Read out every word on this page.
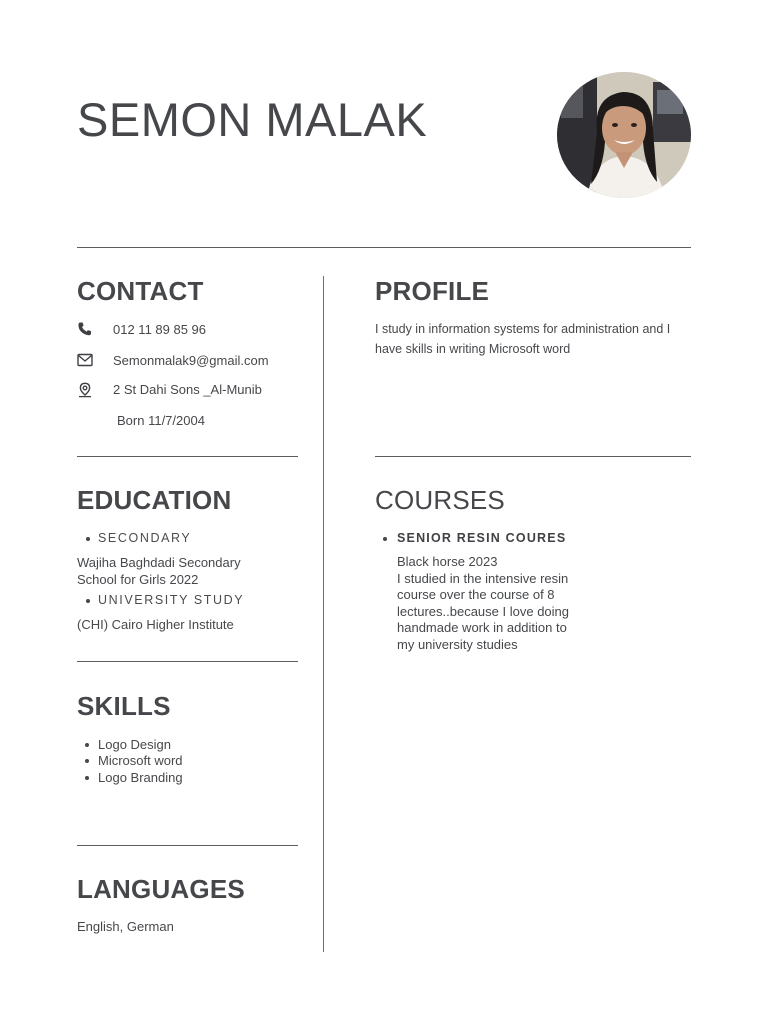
SEMON MALAK
CONTACT
012 11 89 85 96
Semonmalak9@gmail.com
2 St Dahi Sons _Al-Munib
Born 11/7/2004
PROFILE
I study in information systems for administration and I
have skills in writing Microsoft word
EDUCATION
SECONDARY
Wajiha Baghdadi Secondary
School for Girls 2022
UNIVERSITY STUDY
(CHI) Cairo Higher Institute
COURSES
SENIOR RESIN COURES
Black horse 2023
I studied in the intensive resin
course over the course of 8
lectures..because I love doing
handmade work in addition to
my university studies
SKILLS
Logo Design
Microsoft word
Logo Branding
LANGUAGES
English, German
